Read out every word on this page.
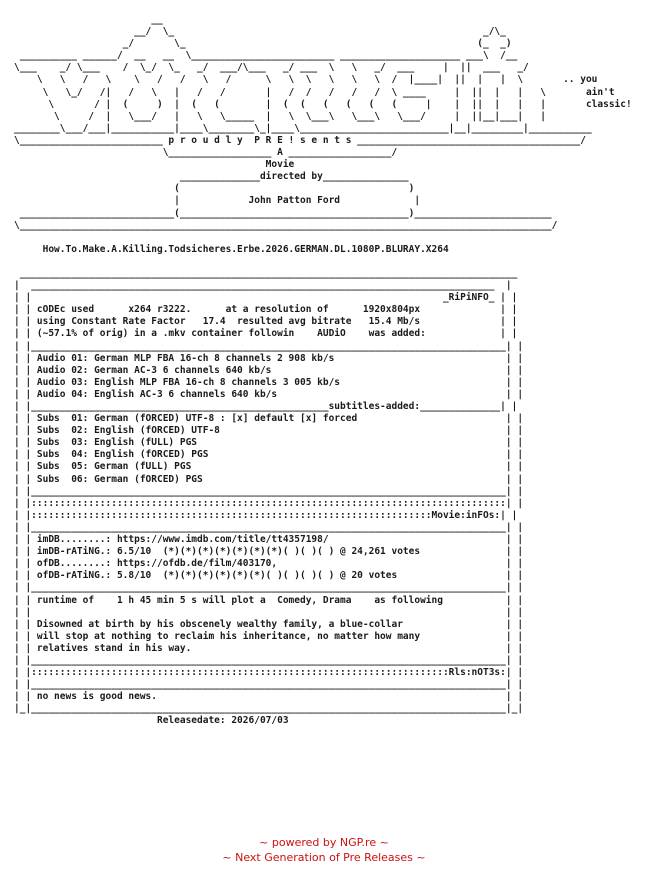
__
__/  \_                                                      _/\_
_/       \_                                                   (_  _)
__________ ______/  __   __  \_________________________ _____________________ ___\  /__
\___    _/ \___    /  \_/  \_   _/  ___/\___   _/ ___  \   \   _/  ___     |  ||  ___   _/
\   \   /   \    \   /   /   \   /      \   \  \   \   \   \  /  |____|  ||  |   |  \       .. you
\   \_/   /|   /   \   |   /   /       |   /  /   /   /   /  \ ____     |  ||  |   |   \       ain't
\       / |  (     )  |  (   (        |  (  (   (   (   (   (     |    |  ||  |   |   |       classic!
\     /  |   \___/   |   \   \_____  |   \  \___\   \___\   \___/     |  ||__|___|   |
________\___/___|___________|____\________\_|____\__________________________|__|_________|___________
\_________________________ p r o u d l y  P R E ! s e n t s _______________________________________/
\__________________ A __________________/
Movie
______________directed by_______________
(                                        )
|            John Patton Ford             |
___________________________(________________________________________)________________________
\_____________________________________________________________________________________________/

How.To.Make.A.Killing.Todsicheres.Erbe.2026.GERMAN.DL.1080P.BLURAY.X264

_______________________________________________________________________________________
|  _________________________________________________________________________________  |
| |                                                                        _RiPiNFO_ | |
| | cODEc used      x264 r3222.      at a resolution of      1920x804px              | |
| | using Constant Rate Factor   17.4  resulted avg bitrate   15.4 Mb/s              | |
| | (~57.1% of orig) in a .mkv container followin    AUDiO    was added:             | |
| |___________________________________________________________________________________| |
| | Audio 01: German MLP FBA 16-ch 8 channels 2 908 kb/s                              | |
| | Audio 02: German AC-3 6 channels 640 kb/s                                         | |
| | Audio 03: English MLP FBA 16-ch 8 channels 3 005 kb/s                             | |
| | Audio 04: English AC-3 6 channels 640 kb/s                                        | |
| |____________________________________________________subtitles-added:______________| |
| | Subs  01: German (fORCED) UTF-8 : [x] default [x] forced                          | |
| | Subs  02: English (fORCED) UTF-8                                                  | |
| | Subs  03: English (fULL) PGS                                                      | |
| | Subs  04: English (fORCED) PGS                                                    | |
| | Subs  05: German (fULL) PGS                                                       | |
| | Subs  06: German (fORCED) PGS                                                     | |
| |___________________________________________________________________________________| |
| |:::::::::::::::::::::::::::::::::::::::::::::::::::::::::::::::::::::::::::::::::::| |
| |::::::::::::::::::::::::::::::::::::::::::::::::::::::::::::::::::::::Movie:inFOs:| |
| |___________________________________________________________________________________| |
| | imDB........: https://www.imdb.com/title/tt4357198/                               | |
| | imDB-rATiNG.: 6.5/10  (*)(*)(*)(*)(*)(*)(*)( )( )( ) @ 24,261 votes               | |
| | ofDB........: https://ofdb.de/film/403170,                                        | |
| | ofDB-rATiNG.: 5.8/10  (*)(*)(*)(*)(*)(*)( )( )( )( ) @ 20 votes                   | |
| |___________________________________________________________________________________| |
| | runtime of    1 h 45 min 5 s will plot a  Comedy, Drama    as following           | |
| |                                                                                   | |
| | Disowned at birth by his obscenely wealthy family, a blue-collar                  | |
| | will stop at nothing to reclaim his inheritance, no matter how many               | |
| | relatives stand in his way.                                                       | |
| |___________________________________________________________________________________| |
| |:::::::::::::::::::::::::::::::::::::::::::::::::::::::::::::::::::::::::Rls:nOT3s:| |
| |___________________________________________________________________________________| |
| | no news is good news.                                                             | |
|_|___________________________________________________________________________________|_|
Releasedate: 2026/07/03
~ powered by NGP.re ~
~ Next Generation of Pre Releases ~
